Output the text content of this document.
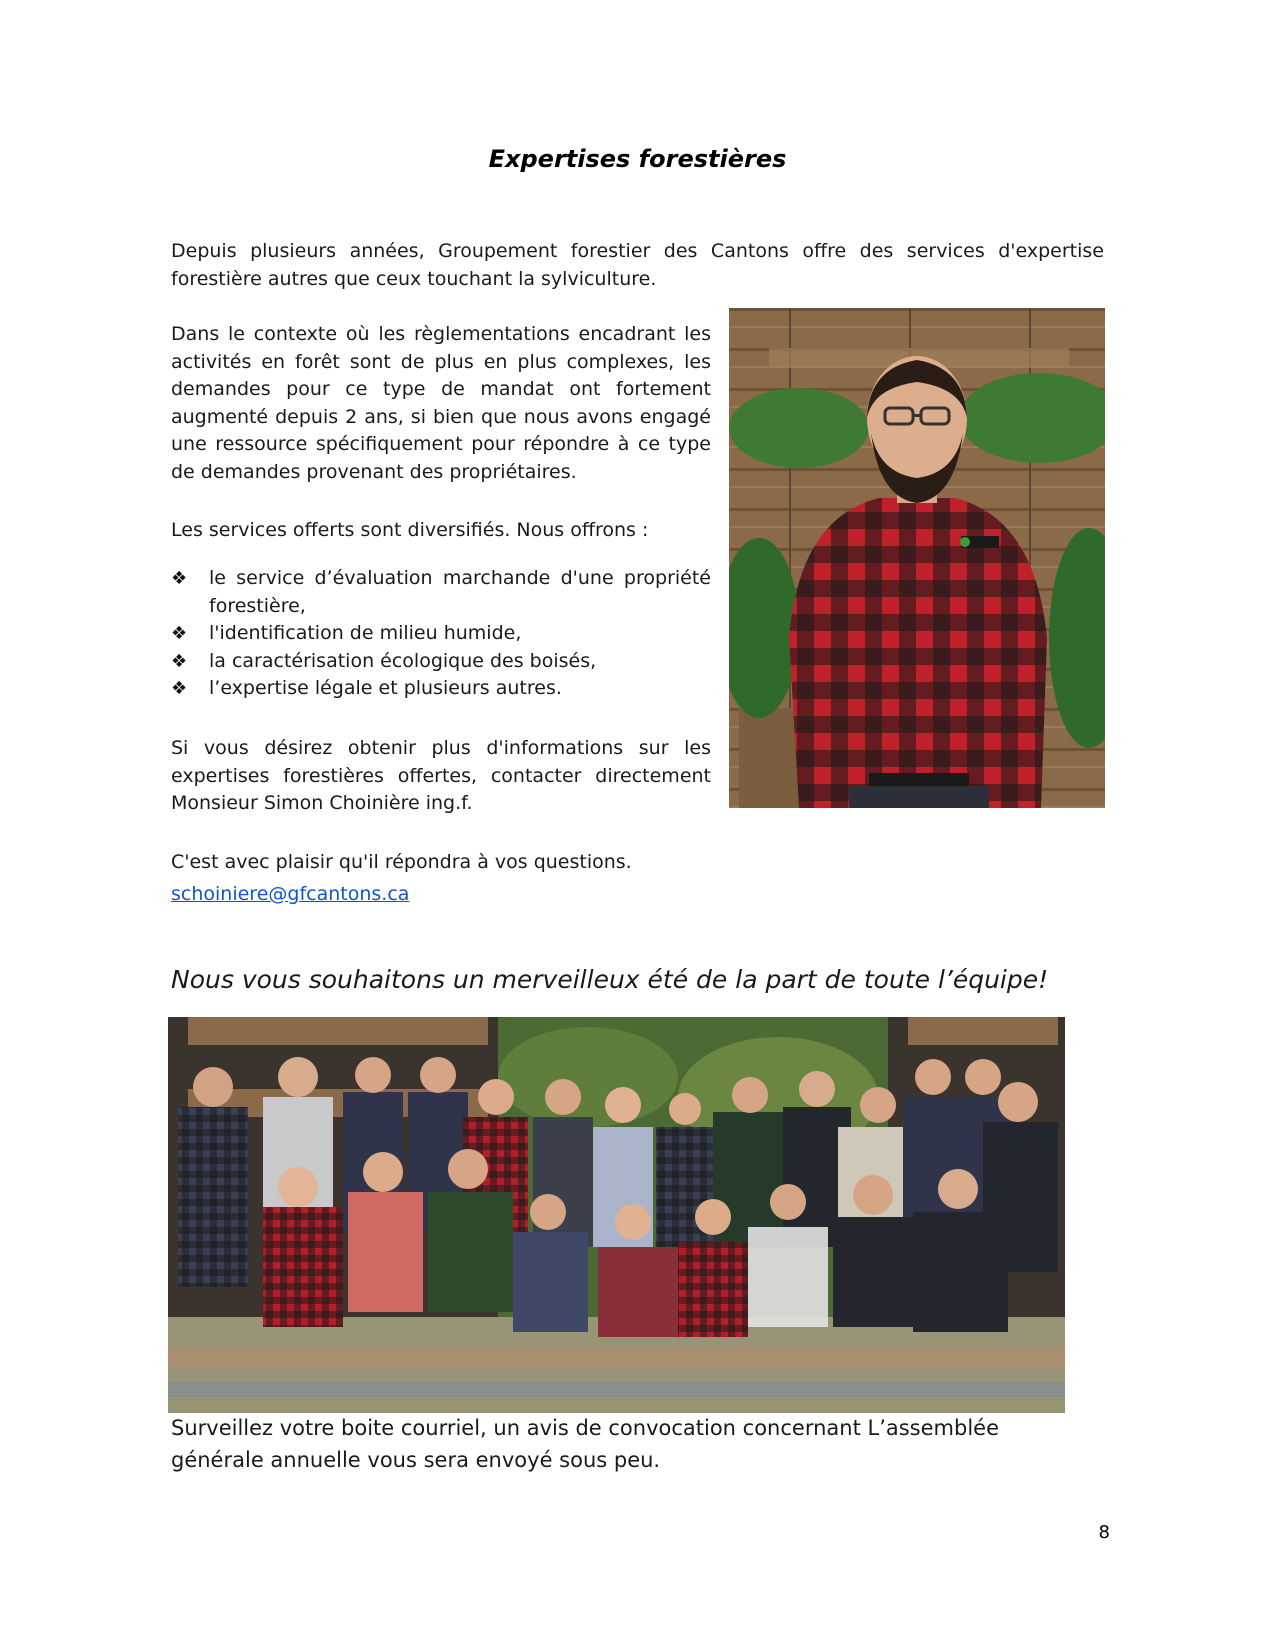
Expertises forestières
Depuis plusieurs années, Groupement forestier des Cantons offre des services d'expertise forestière autres que ceux touchant la sylviculture.
Dans le contexte où les règlementations encadrant les activités en forêt sont de plus en plus complexes, les demandes pour ce type de mandat ont fortement augmenté depuis 2 ans, si bien que nous avons engagé une ressource spécifiquement pour répondre à ce type de demandes provenant des propriétaires.
Les services offerts sont diversifiés. Nous offrons :
❖ le service d’évaluation marchande d'une propriété forestière,
❖ l'identification de milieu humide,
❖ la caractérisation écologique des boisés,
❖ l’expertise légale et plusieurs autres.
Si vous désirez obtenir plus d'informations sur les expertises forestières offertes, contacter directement Monsieur Simon Choinière ing.f.
C'est avec plaisir qu'il répondra à vos questions.
schoiniere@gfcantons.ca
Nous vous souhaitons un merveilleux été de la part de toute l’équipe!
Surveillez votre boite courriel, un avis de convocation concernant L’assemblée générale annuelle vous sera envoyé sous peu.
8
